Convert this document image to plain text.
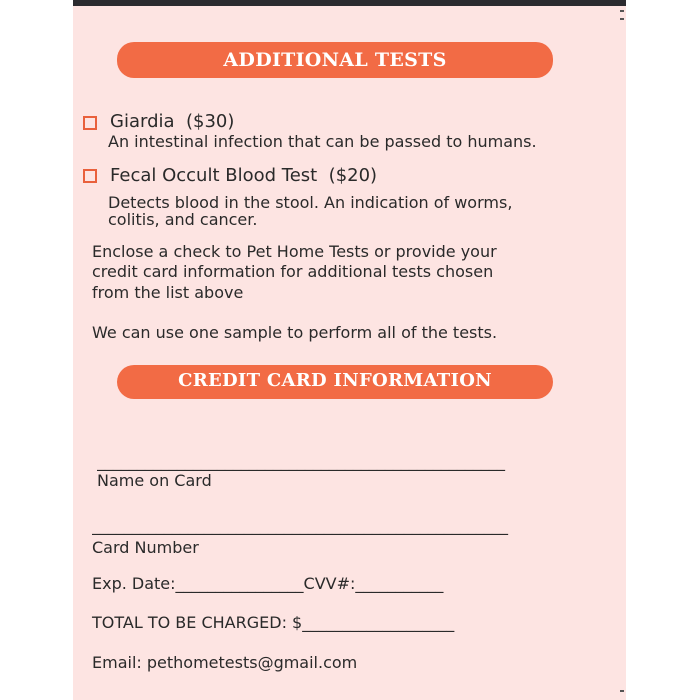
ADDITIONAL TESTS
Giardia ($30)
An intestinal infection that can be passed to humans.
Fecal Occult Blood Test ($20)
Detects blood in the stool. An indication of worms,
colitis, and cancer.
Enclose a check to Pet Home Tests or provide your
credit card information for additional tests chosen
from the list above
We can use one sample to perform all of the tests.
CREDIT CARD INFORMATION
___________________________________________________
Name on Card
____________________________________________________
Card Number
Exp. Date:________________CVV#:___________
TOTAL TO BE CHARGED: $___________________
Email: pethometests@gmail.com
